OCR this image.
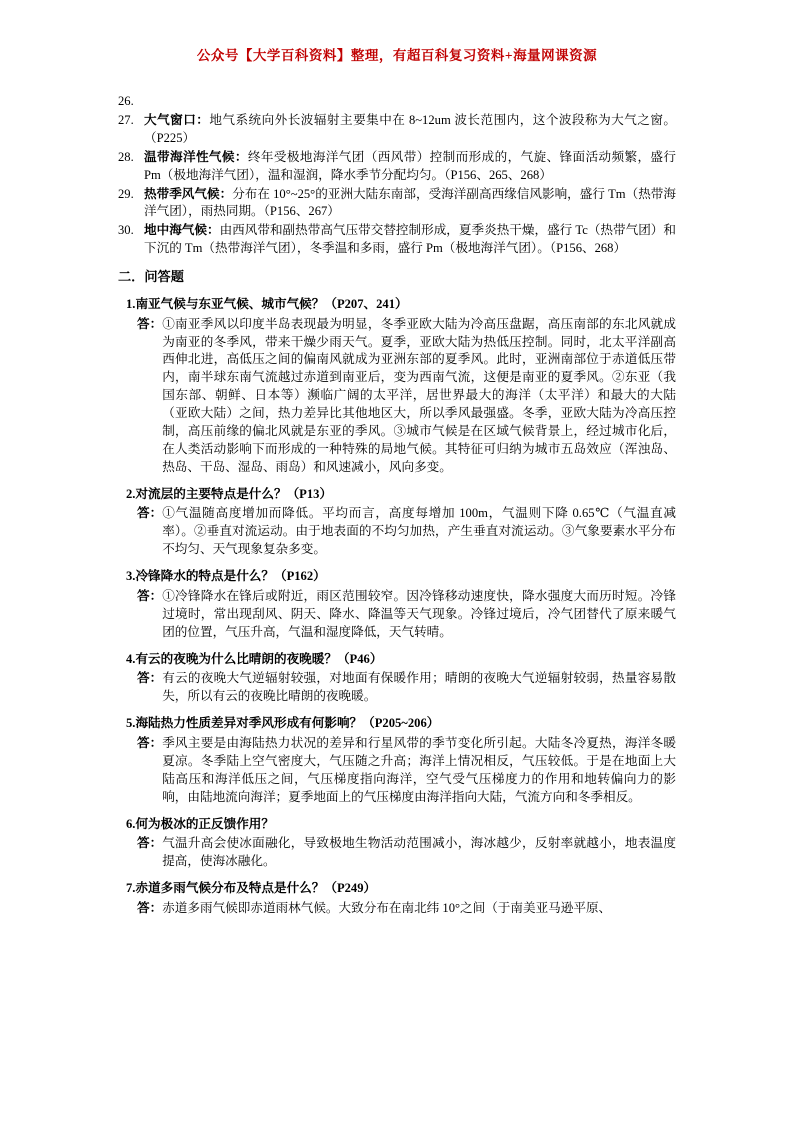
公众号【大学百科资料】整理，有超百科复习资料+海量网课资源
26.
27. 大气窗口：地气系统向外长波辐射主要集中在 8~12um 波长范围内，这个波段称为大气之窗。（P225）
28. 温带海洋性气候：终年受极地海洋气团（西风带）控制而形成的，气旋、锋面活动频繁，盛行 Pm（极地海洋气团），温和湿润，降水季节分配均匀。（P156、265、268）
29. 热带季风气候：分布在 10°~25°的亚洲大陆东南部，受海洋副高西缘信风影响，盛行 Tm（热带海洋气团），雨热同期。（P156、267）
30. 地中海气候：由西风带和副热带高气压带交替控制形成，夏季炎热干燥，盛行 Tc（热带气团）和下沉的 Tm（热带海洋气团），冬季温和多雨，盛行 Pm（极地海洋气团）。（P156、268）
二．问答题
1.南亚气候与东亚气候、城市气候？（P207、241）
答： ①南亚季风以印度半岛表现最为明显，冬季亚欧大陆为冷高压盘踞，高压南部的东北风就成为南亚的冬季风，带来干燥少雨天气。夏季，亚欧大陆为热低压控制。同时，北太平洋副高西伸北进，高低压之间的偏南风就成为亚洲东部的夏季风。此时，亚洲南部位于赤道低压带内，南半球东南气流越过赤道到南亚后，变为西南气流，这便是南亚的夏季风。②东亚（我国东部、朝鲜、日本等）濒临广阔的太平洋，居世界最大的海洋（太平洋）和最大的大陆（亚欧大陆）之间，热力差异比其他地区大，所以季风最强盛。冬季，亚欧大陆为冷高压控制，高压前缘的偏北风就是东亚的季风。③城市气候是在区域气候背景上，经过城市化后，在人类活动影响下而形成的一种特殊的局地气候。其特征可归纳为城市五岛效应（浑浊岛、热岛、干岛、湿岛、雨岛）和风速减小，风向多变。
2.对流层的主要特点是什么？（P13）
答： ①气温随高度增加而降低。平均而言，高度每增加 100m，气温则下降 0.65℃（气温直减率）。②垂直对流运动。由于地表面的不均匀加热，产生垂直对流运动。③气象要素水平分布不均匀、天气现象复杂多变。
3.冷锋降水的特点是什么？（P162）
答： ①冷锋降水在锋后或附近，雨区范围较窄。因冷锋移动速度快，降水强度大而历时短。冷锋过境时，常出现刮风、阴天、降水、降温等天气现象。冷锋过境后，冷气团替代了原来暖气团的位置，气压升高，气温和湿度降低，天气转晴。
4.有云的夜晚为什么比晴朗的夜晚暖？（P46）
答： 有云的夜晚大气逆辐射较强，对地面有保暖作用；晴朗的夜晚大气逆辐射较弱，热量容易散失，所以有云的夜晚比晴朗的夜晚暖。
5.海陆热力性质差异对季风形成有何影响？（P205~206）
答： 季风主要是由海陆热力状况的差异和行星风带的季节变化所引起。大陆冬冷夏热，海洋冬暖夏凉。冬季陆上空气密度大，气压随之升高；海洋上情况相反，气压较低。于是在地面上大陆高压和海洋低压之间，气压梯度指向海洋，空气受气压梯度力的作用和地转偏向力的影响，由陆地流向海洋；夏季地面上的气压梯度由海洋指向大陆，气流方向和冬季相反。
6.何为极冰的正反馈作用？
答： 气温升高会使冰面融化，导致极地生物活动范围减小，海冰越少，反射率就越小，地表温度提高，使海冰融化。
7.赤道多雨气候分布及特点是什么？（P249）
答： 赤道多雨气候即赤道雨林气候。大致分布在南北纬 10°之间（于南美亚马逊平原、
